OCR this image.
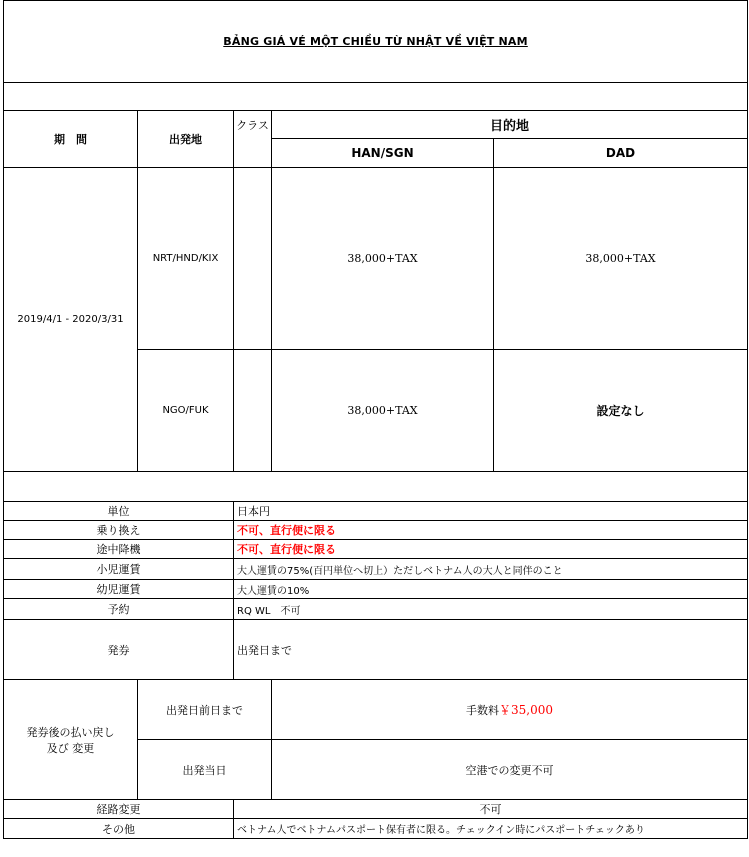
BẢNG GIÁ VÉ MỘT CHIỀU TỪ NHẬT VỀ VIỆT NAM				

期　間	出発地	クラス	目的地	
			HAN/SGN	DAD
2019/4/1 - 2020/3/31	NRT/HND/KIX		38,000+TAX	38,000+TAX
	NGO/FUK		38,000+TAX	設定なし

単位		日本円		
乗り換え		不可、直行便に限る		
途中降機		不可、直行便に限る		
小児運賃		大人運賃の75%(百円単位へ切上）ただしベトナム人の大人と同伴のこと		
幼児運賃		大人運賃の10%		
予約		RQ WL　不可		
発券		出発日まで		
発券後の払い戻し
及び 変更	出発日前日まで		手数料￥35,000	
	出発当日		空港での変更不可	
経路変更		不可		
その他		ベトナム人でベトナムパスポート保有者に限る。チェックイン時にパスポートチェックあり		
